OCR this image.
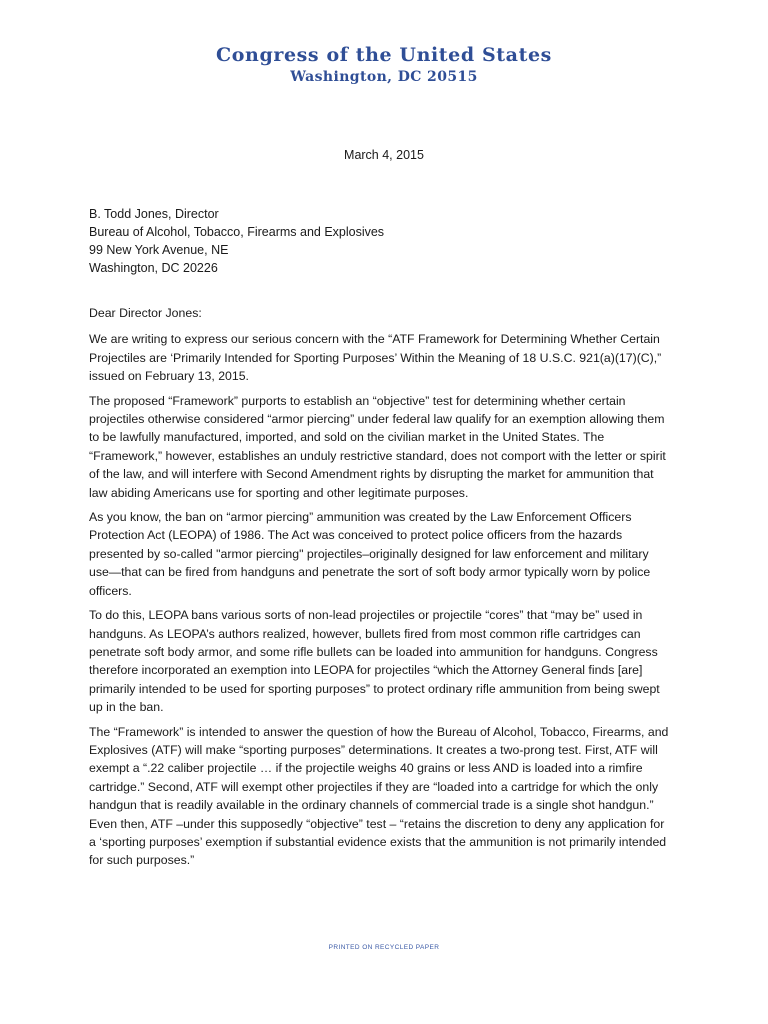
Congress of the United States
Washington, DC 20515
March 4, 2015
B. Todd Jones, Director
Bureau of Alcohol, Tobacco, Firearms and Explosives
99 New York Avenue, NE
Washington, DC 20226

Dear Director Jones:

We are writing to express our serious concern with the “ATF Framework for Determining Whether Certain Projectiles are ‘Primarily Intended for Sporting Purposes’ Within the Meaning of 18 U.S.C. 921(a)(17)(C),” issued on February 13, 2015.

The proposed “Framework” purports to establish an “objective” test for determining whether certain projectiles otherwise considered “armor piercing” under federal law qualify for an exemption allowing them to be lawfully manufactured, imported, and sold on the civilian market in the United States. The “Framework,” however, establishes an unduly restrictive standard, does not comport with the letter or spirit of the law, and will interfere with Second Amendment rights by disrupting the market for ammunition that law abiding Americans use for sporting and other legitimate purposes.

As you know, the ban on “armor piercing” ammunition was created by the Law Enforcement Officers Protection Act (LEOPA) of 1986. The Act was conceived to protect police officers from the hazards presented by so-called "armor piercing" projectiles–originally designed for law enforcement and military use—that can be fired from handguns and penetrate the sort of soft body armor typically worn by police officers.

To do this, LEOPA bans various sorts of non-lead projectiles or projectile “cores” that “may be” used in handguns. As LEOPA’s authors realized, however, bullets fired from most common rifle cartridges can penetrate soft body armor, and some rifle bullets can be loaded into ammunition for handguns. Congress therefore incorporated an exemption into LEOPA for projectiles “which the Attorney General finds [are] primarily intended to be used for sporting purposes” to protect ordinary rifle ammunition from being swept up in the ban.

The “Framework” is intended to answer the question of how the Bureau of Alcohol, Tobacco, Firearms, and Explosives (ATF) will make “sporting purposes” determinations. It creates a two-prong test. First, ATF will exempt a “.22 caliber projectile … if the projectile weighs 40 grains or less AND is loaded into a rimfire cartridge.” Second, ATF will exempt other projectiles if they are “loaded into a cartridge for which the only handgun that is readily available in the ordinary channels of commercial trade is a single shot handgun.” Even then, ATF –under this supposedly “objective” test – “retains the discretion to deny any application for a ‘sporting purposes’ exemption if substantial evidence exists that the ammunition is not primarily intended for such purposes.”

PRINTED ON RECYCLED PAPER
